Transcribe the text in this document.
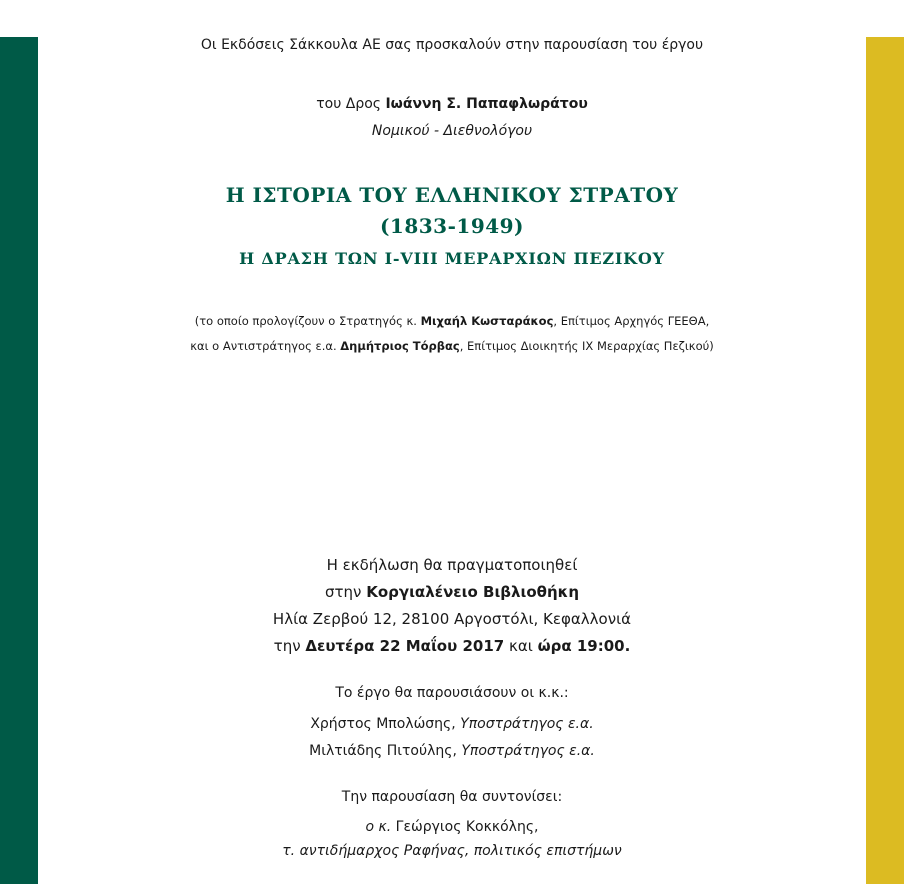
Οι Εκδόσεις Σάκκουλα ΑΕ σας προσκαλούν στην παρουσίαση του έργου
του Δρος Ιωάννη Σ. Παπαφλωράτου
Νομικού - Διεθνολόγου
Η ΙΣΤΟΡΙΑ ΤΟΥ ΕΛΛΗΝΙΚΟΥ ΣΤΡΑΤΟΥ
(1833-1949)
Η ΔΡΑΣΗ ΤΩΝ Ι-VIII ΜΕΡΑΡΧΙΩΝ ΠΕΖΙΚΟΥ
(το οποίο προλογίζουν ο Στρατηγός κ. Μιχαήλ Κωσταράκος, Επίτιμος Αρχηγός ΓΕΕΘΑ,
και ο Αντιστράτηγος ε.α. Δημήτριος Τόρβας, Επίτιμος Διοικητής ΙΧ Μεραρχίας Πεζικού)
Η εκδήλωση θα πραγματοποιηθεί
στην Κοργιαλένειο Βιβλιοθήκη
Ηλία Ζερβού 12, 28100 Αργοστόλι, Κεφαλλονιά
την Δευτέρα 22 Μαΐου 2017 και ώρα 19:00.
Το έργο θα παρουσιάσουν οι κ.κ.:
Χρήστος Μπολώσης, Υποστράτηγος ε.α.
Μιλτιάδης Πιτούλης, Υποστράτηγος ε.α.
Την παρουσίαση θα συντονίσει:
ο κ. Γεώργιος Κοκκόλης,
τ. αντιδήμαρχος Ραφήνας, πολιτικός επιστήμων
